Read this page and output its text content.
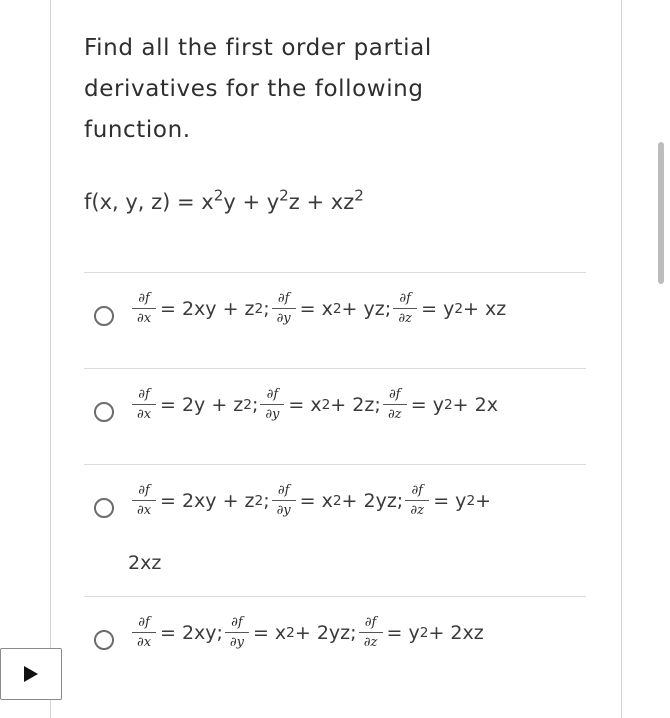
Find all the first order partial derivatives for the following function.
f(x, y, $z) = x^2y + y^2z + xz^2$
$\frac{\partial f}{\partial x} = 2xy + z$ 2 ; $\frac{\partial f}{\partial y} = x$ 2 + yz; $\frac{\partial f}{\partial z} = y$ 2 + xz
$\frac{\partial f}{\partial x} = 2y + z$ 2 ; $\frac{\partial f}{\partial y} = x$ 2 + 2z; $\frac{\partial f}{\partial z} = y$ 2 + 2x
$\frac{\partial f}{\partial x} = 2xy + z$ 2 ; $\frac{\partial f}{\partial y} = x$ 2 + 2yz; $\frac{\partial f}{\partial z} = y$ 2 +
2xz
$\frac{\partial f}{\partial x} = 2xy$; $\frac{\partial f}{\partial y} = x$ 2 + 2yz; $\frac{\partial f}{\partial z} = y$ 2 + 2xz
